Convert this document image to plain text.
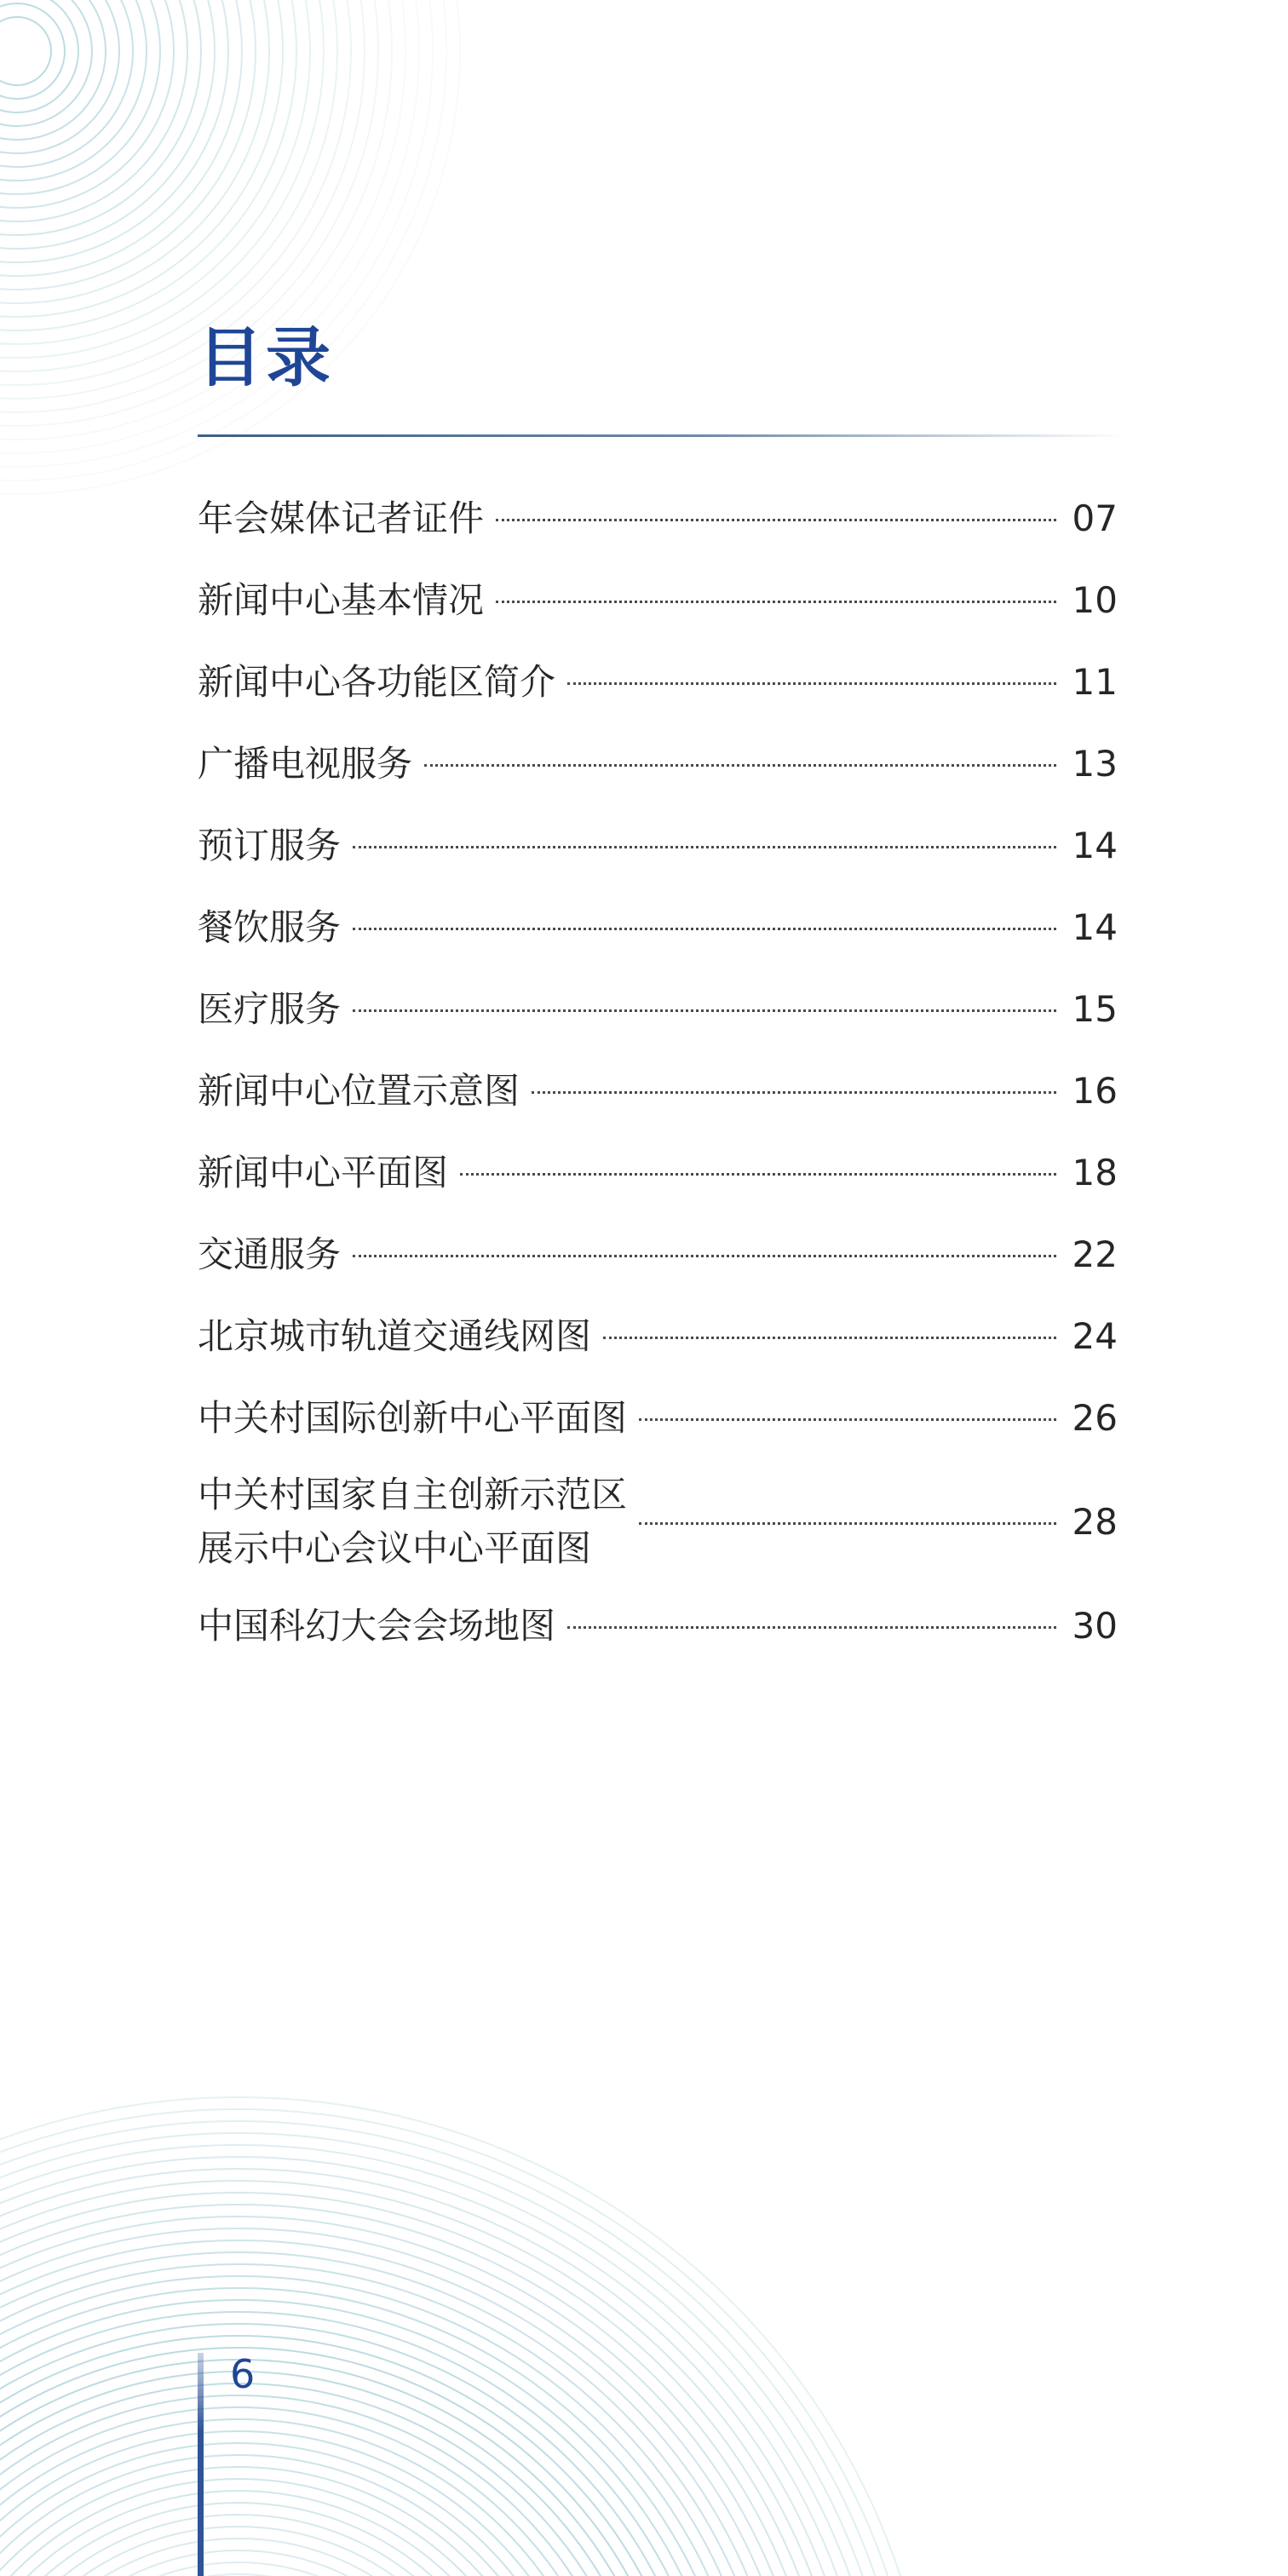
目录
年会媒体记者证件	07
新闻中心基本情况	10
新闻中心各功能区简介	11
广播电视服务	13
预订服务	14
餐饮服务	14
医疗服务	15
新闻中心位置示意图	16
新闻中心平面图	18
交通服务	22
北京城市轨道交通线网图	24
中关村国际创新中心平面图	26
中关村国家自主创新示范区
展示中心会议中心平面图
28
中国科幻大会会场地图	30
6
